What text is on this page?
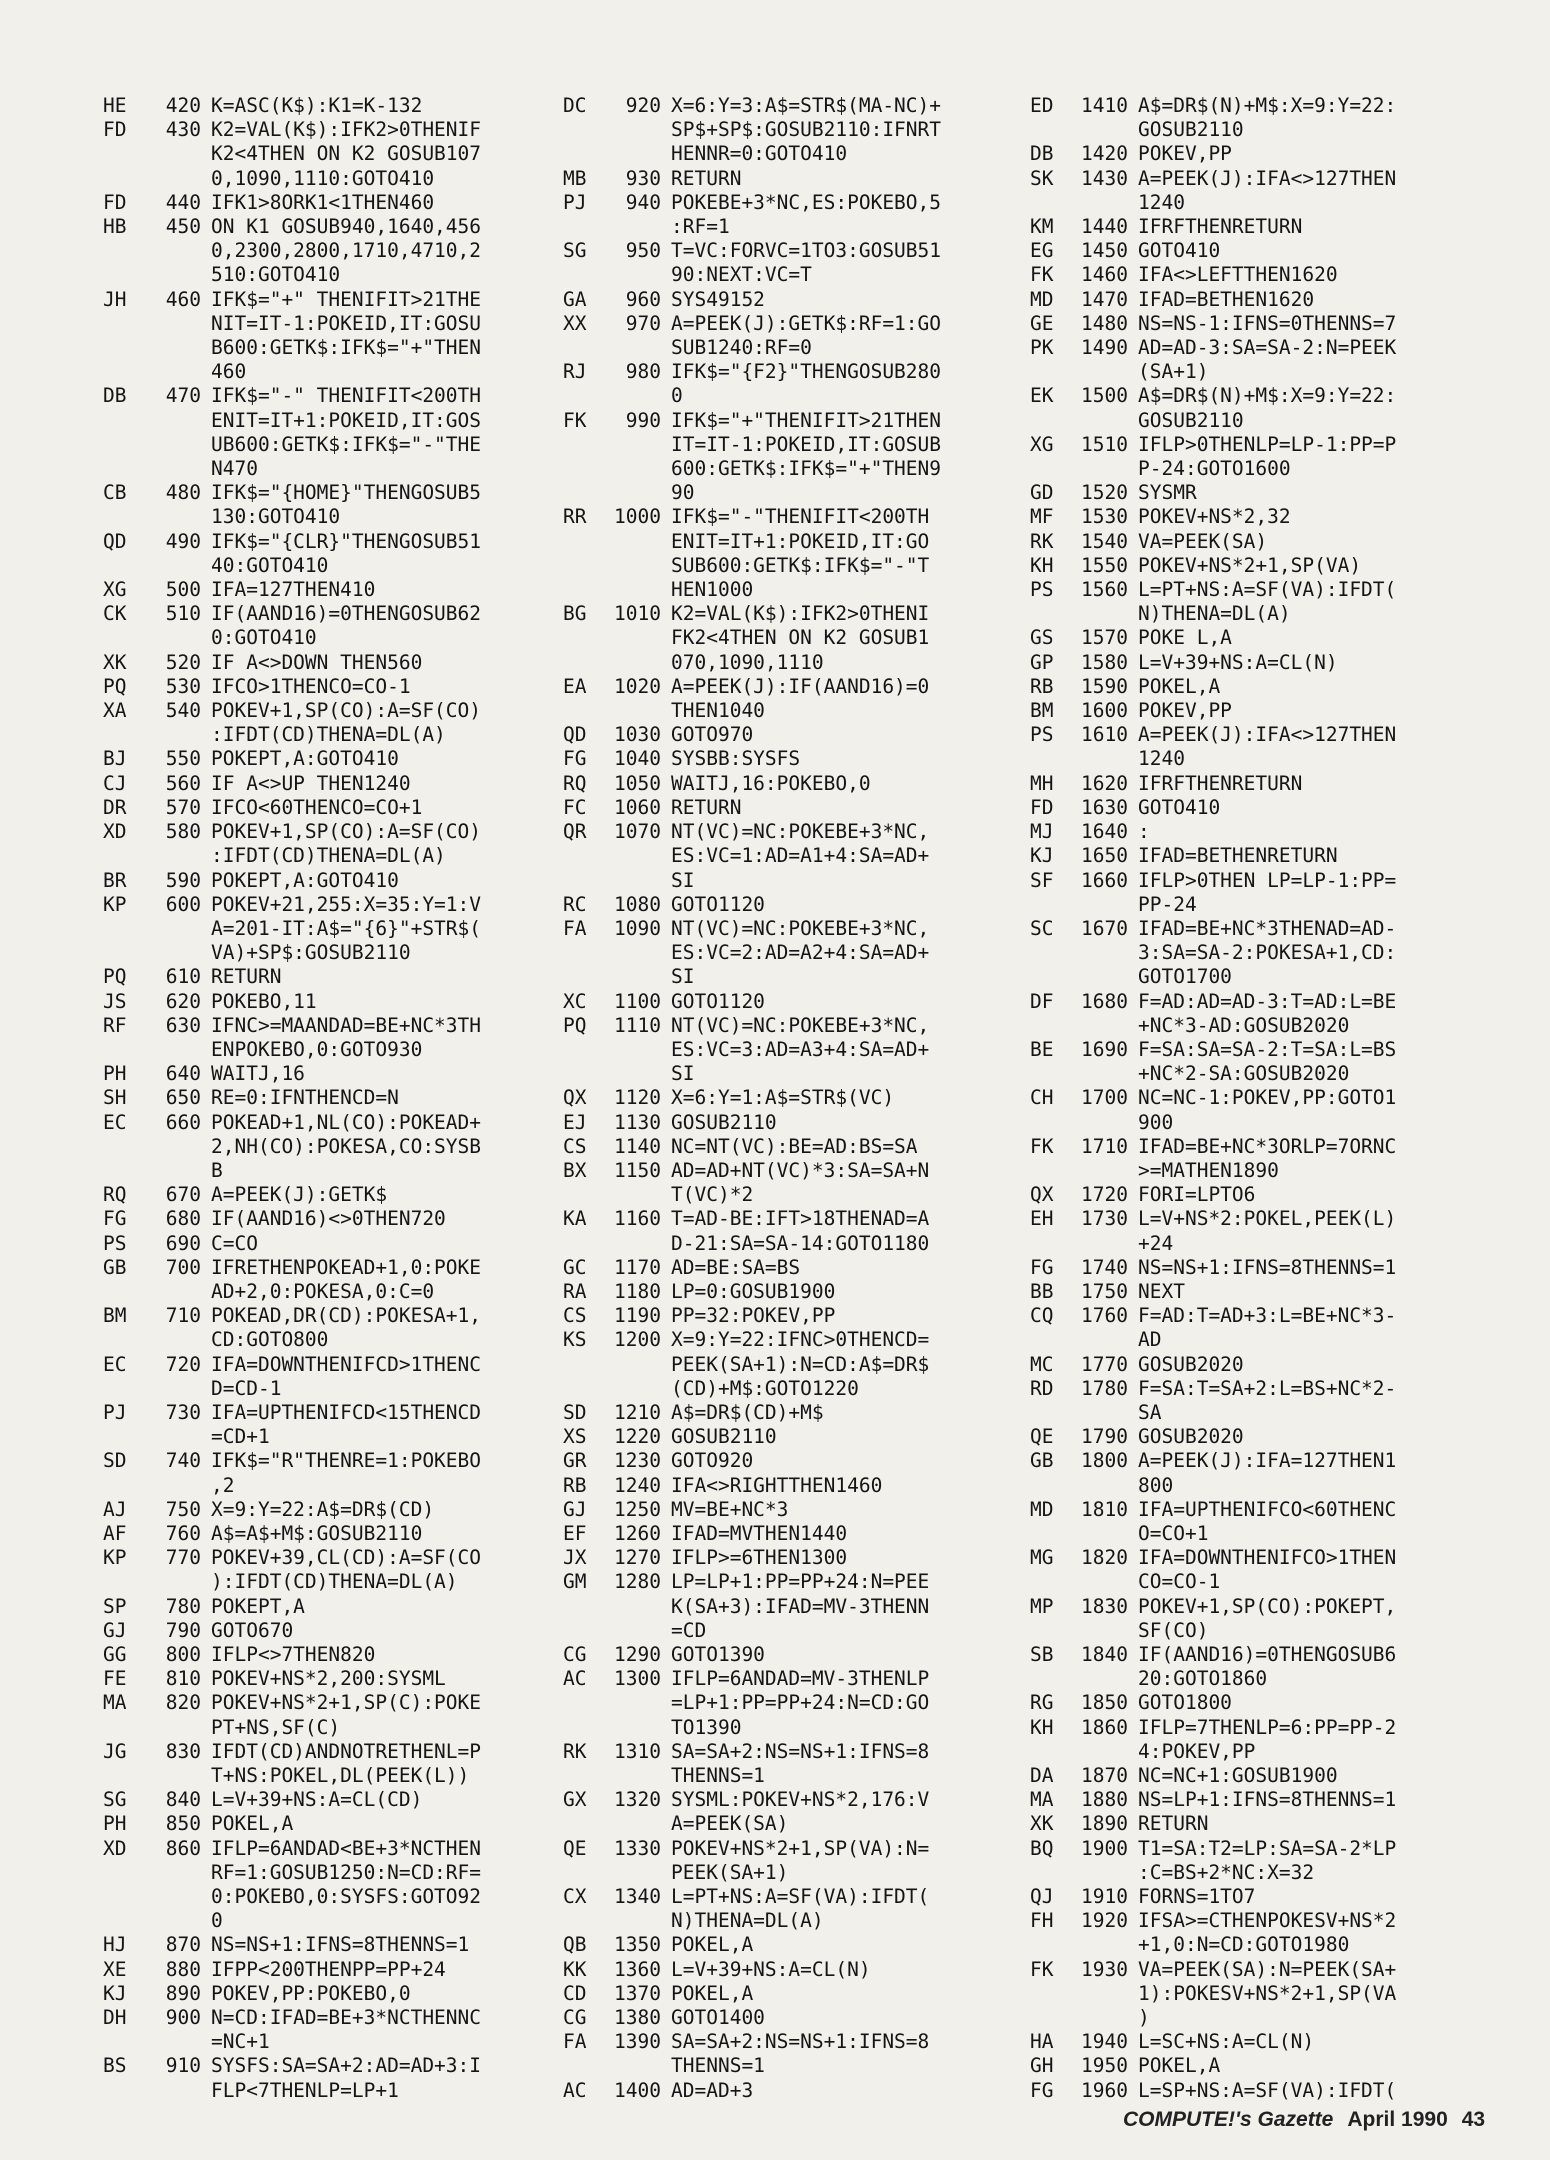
HE	420 K=ASC(K$):K1=K-132
FD	430 K2=VAL(K$):IFK2>0THENIF
K2<4THEN ON K2 GOSUB107
0,1090,1110:GOTO410
FD	440 IFK1>8ORK1<1THEN460
HB	450 ON K1 GOSUB940,1640,456
0,2300,2800,1710,4710,2
510:GOTO410
JH	460 IFK$="+" THENIFIT>21THE
NIT=IT-1:POKEID,IT:GOSU
B600:GETK$:IFK$="+"THEN
460
DB	470 IFK$="-" THENIFIT<200TH
ENIT=IT+1:POKEID,IT:GOS
UB600:GETK$:IFK$="-"THE
N470
CB	480 IFK$="{HOME}"THENGOSUB5
130:GOTO410
QD	490 IFK$="{CLR}"THENGOSUB51
40:GOTO410
XG	500 IFA=127THEN410
CK	510 IF(AAND16)=0THENGOSUB62
0:GOTO410
XK	520 IF A<>DOWN THEN560
PQ	530 IFCO>1THENCO=CO-1
XA	540 POKEV+1,SP(CO):A=SF(CO)
:IFDT(CD)THENA=DL(A)
BJ	550 POKEPT,A:GOTO410
CJ	560 IF A<>UP THEN1240
DR	570 IFCO<60THENCO=CO+1
XD	580 POKEV+1,SP(CO):A=SF(CO)
:IFDT(CD)THENA=DL(A)
BR	590 POKEPT,A:GOTO410
KP	600 POKEV+21,255:X=35:Y=1:V
A=201-IT:A$="{6}"+STR$(
VA)+SP$:GOSUB2110
PQ	610 RETURN
JS	620 POKEBO,11
RF	630 IFNC>=MAANDAD=BE+NC*3TH
ENPOKEBO,0:GOTO930
PH	640 WAITJ,16
SH	650 RE=0:IFNTHENCD=N
EC	660 POKEAD+1,NL(CO):POKEAD+
2,NH(CO):POKESA,CO:SYSB
B
RQ	670 A=PEEK(J):GETK$
FG	680 IF(AAND16)<>0THEN720
PS	690 C=CO
GB	700 IFRETHENPOKEAD+1,0:POKE
AD+2,0:POKESA,0:C=0
BM	710 POKEAD,DR(CD):POKESA+1,
CD:GOTO800
EC	720 IFA=DOWNTHENIFCD>1THENC
D=CD-1
PJ	730 IFA=UPTHENIFCD<15THENCD
=CD+1
SD	740 IFK$="R"THENRE=1:POKEBO
,2
AJ	750 X=9:Y=22:A$=DR$(CD)
AF	760 A$=A$+M$:GOSUB2110
KP	770 POKEV+39,CL(CD):A=SF(CO
):IFDT(CD)THENA=DL(A)
SP	780 POKEPT,A
GJ	790 GOTO670
GG	800 IFLP<>7THEN820
FE	810 POKEV+NS*2,200:SYSML
MA	820 POKEV+NS*2+1,SP(C):POKE
PT+NS,SF(C)
JG	830 IFDT(CD)ANDNOTRETHENL=P
T+NS:POKEL,DL(PEEK(L))
SG	840 L=V+39+NS:A=CL(CD)
PH	850 POKEL,A
XD	860 IFLP=6ANDAD<BE+3*NCTHEN
RF=1:GOSUB1250:N=CD:RF=
0:POKEBO,0:SYSFS:GOTO92
0
HJ	870 NS=NS+1:IFNS=8THENNS=1
XE	880 IFPP<200THENPP=PP+24
KJ	890 POKEV,PP:POKEBO,0
DH	900 N=CD:IFAD=BE+3*NCTHENNC
=NC+1
BS	910 SYSFS:SA=SA+2:AD=AD+3:I
FLP<7THENLP=LP+1
DC	920 X=6:Y=3:A$=STR$(MA-NC)+
SP$+SP$:GOSUB2110:IFNRT
HENNR=0:GOTO410
MB	930 RETURN
PJ	940 POKEBE+3*NC,ES:POKEBO,5
:RF=1
SG	950 T=VC:FORVC=1TO3:GOSUB51
90:NEXT:VC=T
GA	960 SYS49152
XX	970 A=PEEK(J):GETK$:RF=1:GO
SUB1240:RF=0
RJ	980 IFK$="{F2}"THENGOSUB280
0
FK	990 IFK$="+"THENIFIT>21THEN
IT=IT-1:POKEID,IT:GOSUB
600:GETK$:IFK$="+"THEN9
90
RR	1000 IFK$="-"THENIFIT<200TH
ENIT=IT+1:POKEID,IT:GO
SUB600:GETK$:IFK$="-"T
HEN1000
BG	1010 K2=VAL(K$):IFK2>0THENI
FK2<4THEN ON K2 GOSUB1
070,1090,1110
EA	1020 A=PEEK(J):IF(AAND16)=0
THEN1040
QD	1030 GOTO970
FG	1040 SYSBB:SYSFS
RQ	1050 WAITJ,16:POKEBO,0
FC	1060 RETURN
QR	1070 NT(VC)=NC:POKEBE+3*NC,
ES:VC=1:AD=A1+4:SA=AD+
SI
RC	1080 GOTO1120
FA	1090 NT(VC)=NC:POKEBE+3*NC,
ES:VC=2:AD=A2+4:SA=AD+
SI
XC	1100 GOTO1120
PQ	1110 NT(VC)=NC:POKEBE+3*NC,
ES:VC=3:AD=A3+4:SA=AD+
SI
QX	1120 X=6:Y=1:A$=STR$(VC)
EJ	1130 GOSUB2110
CS	1140 NC=NT(VC):BE=AD:BS=SA
BX	1150 AD=AD+NT(VC)*3:SA=SA+N
T(VC)*2
KA	1160 T=AD-BE:IFT>18THENAD=A
D-21:SA=SA-14:GOTO1180
GC	1170 AD=BE:SA=BS
RA	1180 LP=0:GOSUB1900
CS	1190 PP=32:POKEV,PP
KS	1200 X=9:Y=22:IFNC>0THENCD=
PEEK(SA+1):N=CD:A$=DR$
(CD)+M$:GOTO1220
SD	1210 A$=DR$(CD)+M$
XS	1220 GOSUB2110
GR	1230 GOTO920
RB	1240 IFA<>RIGHTTHEN1460
GJ	1250 MV=BE+NC*3
EF	1260 IFAD=MVTHEN1440
JX	1270 IFLP>=6THEN1300
GM	1280 LP=LP+1:PP=PP+24:N=PEE
K(SA+3):IFAD=MV-3THENN
=CD
CG	1290 GOTO1390
AC	1300 IFLP=6ANDAD=MV-3THENLP
=LP+1:PP=PP+24:N=CD:GO
TO1390
RK	1310 SA=SA+2:NS=NS+1:IFNS=8
THENNS=1
GX	1320 SYSML:POKEV+NS*2,176:V
A=PEEK(SA)
QE	1330 POKEV+NS*2+1,SP(VA):N=
PEEK(SA+1)
CX	1340 L=PT+NS:A=SF(VA):IFDT(
N)THENA=DL(A)
QB	1350 POKEL,A
KK	1360 L=V+39+NS:A=CL(N)
CD	1370 POKEL,A
CG	1380 GOTO1400
FA	1390 SA=SA+2:NS=NS+1:IFNS=8
THENNS=1
AC	1400 AD=AD+3
ED	1410 A$=DR$(N)+M$:X=9:Y=22:
GOSUB2110
DB	1420 POKEV,PP
SK	1430 A=PEEK(J):IFA<>127THEN
1240
KM	1440 IFRFTHENRETURN
EG	1450 GOTO410
FK	1460 IFA<>LEFTTHEN1620
MD	1470 IFAD=BETHEN1620
GE	1480 NS=NS-1:IFNS=0THENNS=7
PK	1490 AD=AD-3:SA=SA-2:N=PEEK
(SA+1)
EK	1500 A$=DR$(N)+M$:X=9:Y=22:
GOSUB2110
XG	1510 IFLP>0THENLP=LP-1:PP=P
P-24:GOTO1600
GD	1520 SYSMR
MF	1530 POKEV+NS*2,32
RK	1540 VA=PEEK(SA)
KH	1550 POKEV+NS*2+1,SP(VA)
PS	1560 L=PT+NS:A=SF(VA):IFDT(
N)THENA=DL(A)
GS	1570 POKE L,A
GP	1580 L=V+39+NS:A=CL(N)
RB	1590 POKEL,A
BM	1600 POKEV,PP
PS	1610 A=PEEK(J):IFA<>127THEN
1240
MH	1620 IFRFTHENRETURN
FD	1630 GOTO410
MJ	1640 :
KJ	1650 IFAD=BETHENRETURN
SF	1660 IFLP>0THEN LP=LP-1:PP=
PP-24
SC	1670 IFAD=BE+NC*3THENAD=AD-
3:SA=SA-2:POKESA+1,CD:
GOTO1700
DF	1680 F=AD:AD=AD-3:T=AD:L=BE
+NC*3-AD:GOSUB2020
BE	1690 F=SA:SA=SA-2:T=SA:L=BS
+NC*2-SA:GOSUB2020
CH	1700 NC=NC-1:POKEV,PP:GOTO1
900
FK	1710 IFAD=BE+NC*3ORLP=7ORNC
>=MATHEN1890
QX	1720 FORI=LPTO6
EH	1730 L=V+NS*2:POKEL,PEEK(L)
+24
FG	1740 NS=NS+1:IFNS=8THENNS=1
BB	1750 NEXT
CQ	1760 F=AD:T=AD+3:L=BE+NC*3-
AD
MC	1770 GOSUB2020
RD	1780 F=SA:T=SA+2:L=BS+NC*2-
SA
QE	1790 GOSUB2020
GB	1800 A=PEEK(J):IFA=127THEN1
800
MD	1810 IFA=UPTHENIFCO<60THENC
O=CO+1
MG	1820 IFA=DOWNTHENIFCO>1THEN
CO=CO-1
MP	1830 POKEV+1,SP(CO):POKEPT,
SF(CO)
SB	1840 IF(AAND16)=0THENGOSUB6
20:GOTO1860
RG	1850 GOTO1800
KH	1860 IFLP=7THENLP=6:PP=PP-2
4:POKEV,PP
DA	1870 NC=NC+1:GOSUB1900
MA	1880 NS=LP+1:IFNS=8THENNS=1
XK	1890 RETURN
BQ	1900 T1=SA:T2=LP:SA=SA-2*LP
:C=BS+2*NC:X=32
QJ	1910 FORNS=1TO7
FH	1920 IFSA>=CTHENPOKESV+NS*2
+1,0:N=CD:GOTO1980
FK	1930 VA=PEEK(SA):N=PEEK(SA+
1):POKESV+NS*2+1,SP(VA
)
HA	1940 L=SC+NS:A=CL(N)
GH	1950 POKEL,A
FG	1960 L=SP+NS:A=SF(VA):IFDT(
COMPUTE!'s Gazette April 1990 43
